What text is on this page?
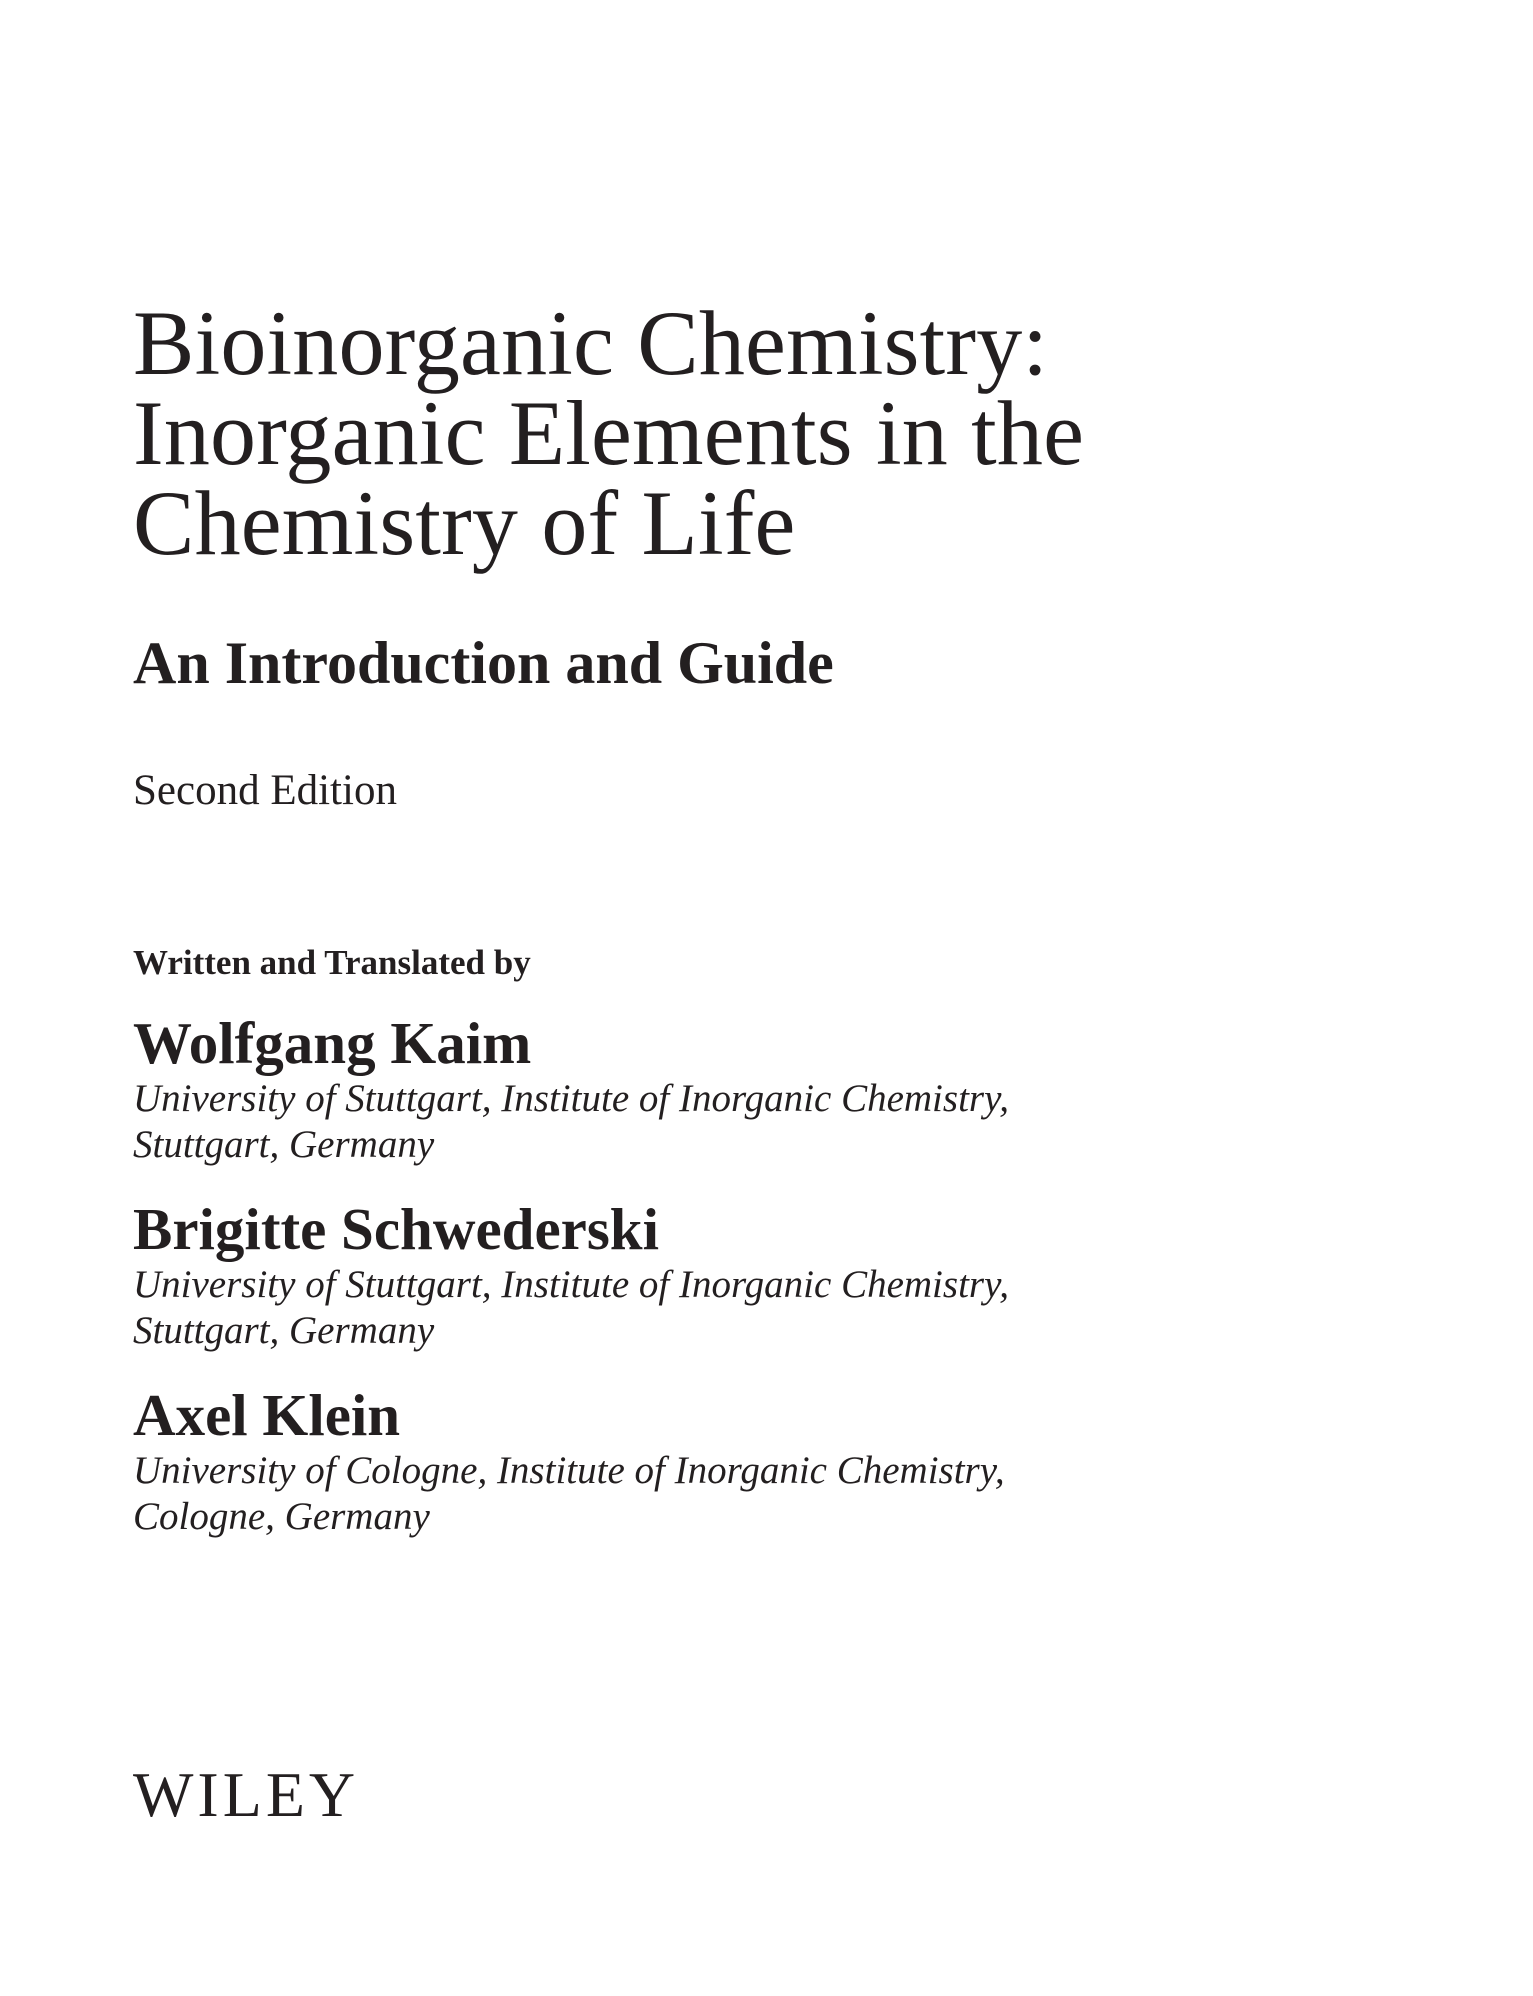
Bioinorganic Chemistry:
Inorganic Elements in the
Chemistry of Life
An Introduction and Guide
Second Edition
Written and Translated by
Wolfgang Kaim
University of Stuttgart, Institute of Inorganic Chemistry,
Stuttgart, Germany
Brigitte Schwederski
University of Stuttgart, Institute of Inorganic Chemistry,
Stuttgart, Germany
Axel Klein
University of Cologne, Institute of Inorganic Chemistry,
Cologne, Germany
WILEY
